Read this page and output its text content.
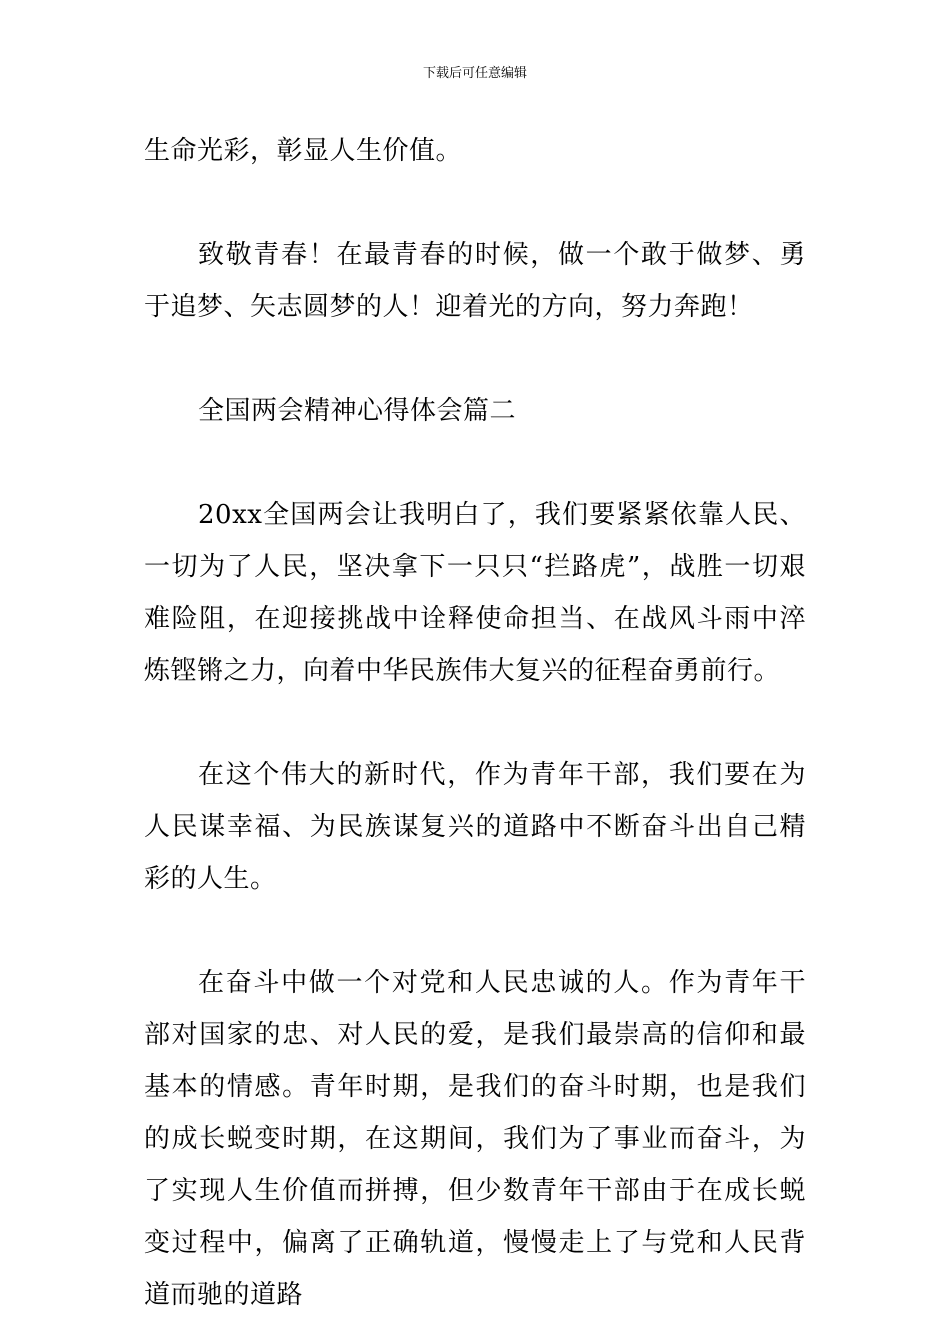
下载后可任意编辑

生命光彩，彰显人生价值。

致敬青春！在最青春的时候，做一个敢于做梦、勇于追梦、矢志圆梦的人！迎着光的方向，努力奔跑！

全国两会精神心得体会篇二

20xx全国两会让我明白了，我们要紧紧依靠人民、一切为了人民，坚决拿下一只只“拦路虎”，战胜一切艰难险阻，在迎接挑战中诠释使命担当、在战风斗雨中淬炼铿锵之力，向着中华民族伟大复兴的征程奋勇前行。

在这个伟大的新时代，作为青年干部，我们要在为人民谋幸福、为民族谋复兴的道路中不断奋斗出自己精彩的人生。

在奋斗中做一个对党和人民忠诚的人。作为青年干部对国家的忠、对人民的爱，是我们最崇高的信仰和最基本的情感。青年时期，是我们的奋斗时期，也是我们的成长蜕变时期，在这期间，我们为了事业而奋斗，为了实现人生价值而拼搏，但少数青年干部由于在成长蜕变过程中，偏离了正确轨道，慢慢走上了与党和人民背道而驰的道路
